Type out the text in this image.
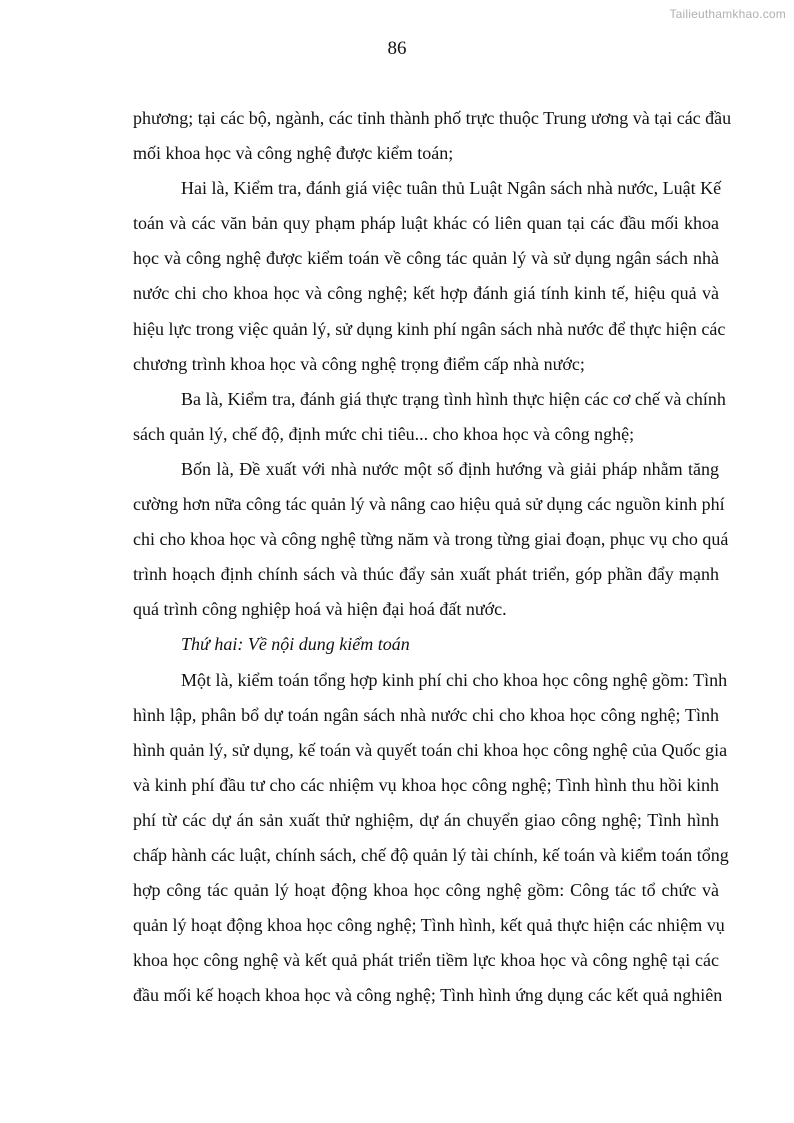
Tailieuthamkhao.com
86
phương; tại các bộ, ngành, các tỉnh thành phố trực thuộc Trung ương và tại các đầu
mối khoa học và công nghệ được kiểm toán;
Hai là, Kiểm tra, đánh giá việc tuân thủ Luật Ngân sách nhà nước, Luật Kế
toán và các văn bản quy phạm pháp luật khác có liên quan tại các đầu mối khoa
học và công nghệ được kiểm toán về công tác quản lý và sử dụng ngân sách nhà
nước chi cho khoa học và công nghệ; kết hợp đánh giá tính kinh tế, hiệu quả và
hiệu lực trong việc quản lý, sử dụng kinh phí ngân sách nhà nước để thực hiện các
chương trình khoa học và công nghệ trọng điểm cấp nhà nước;
Ba là, Kiểm tra, đánh giá thực trạng tình hình thực hiện các cơ chế và chính
sách quản lý, chế độ, định mức chi tiêu... cho khoa học và công nghệ;
Bốn là, Đề xuất với nhà nước một số định hướng và giải pháp nhằm tăng
cường hơn nữa công tác quản lý và nâng cao hiệu quả sử dụng các nguồn kinh phí
chi cho khoa học và công nghệ từng năm và trong từng giai đoạn, phục vụ cho quá
trình hoạch định chính sách và thúc đẩy sản xuất phát triển, góp phần đẩy mạnh
quá trình công nghiệp hoá và hiện đại hoá đất nước.
Thứ hai: Về nội dung kiểm toán
Một là, kiểm toán tổng hợp kinh phí chi cho khoa học công nghệ gồm: Tình
hình lập, phân bổ dự toán ngân sách nhà nước chi cho khoa học công nghệ; Tình
hình quản lý, sử dụng, kế toán và quyết toán chi khoa học công nghệ của Quốc gia
và kinh phí đầu tư cho các nhiệm vụ khoa học công nghệ; Tình hình thu hồi kinh
phí từ các dự án sản xuất thử nghiệm, dự án chuyển giao công nghệ; Tình hình
chấp hành các luật, chính sách, chế độ quản lý tài chính, kế toán và kiểm toán tổng
hợp công tác quản lý hoạt động khoa học công nghệ gồm: Công tác tổ chức và
quản lý hoạt động khoa học công nghệ; Tình hình, kết quả thực hiện các nhiệm vụ
khoa học công nghệ và kết quả phát triển tiềm lực khoa học và công nghệ tại các
đầu mối kế hoạch khoa học và công nghệ; Tình hình ứng dụng các kết quả nghiên
